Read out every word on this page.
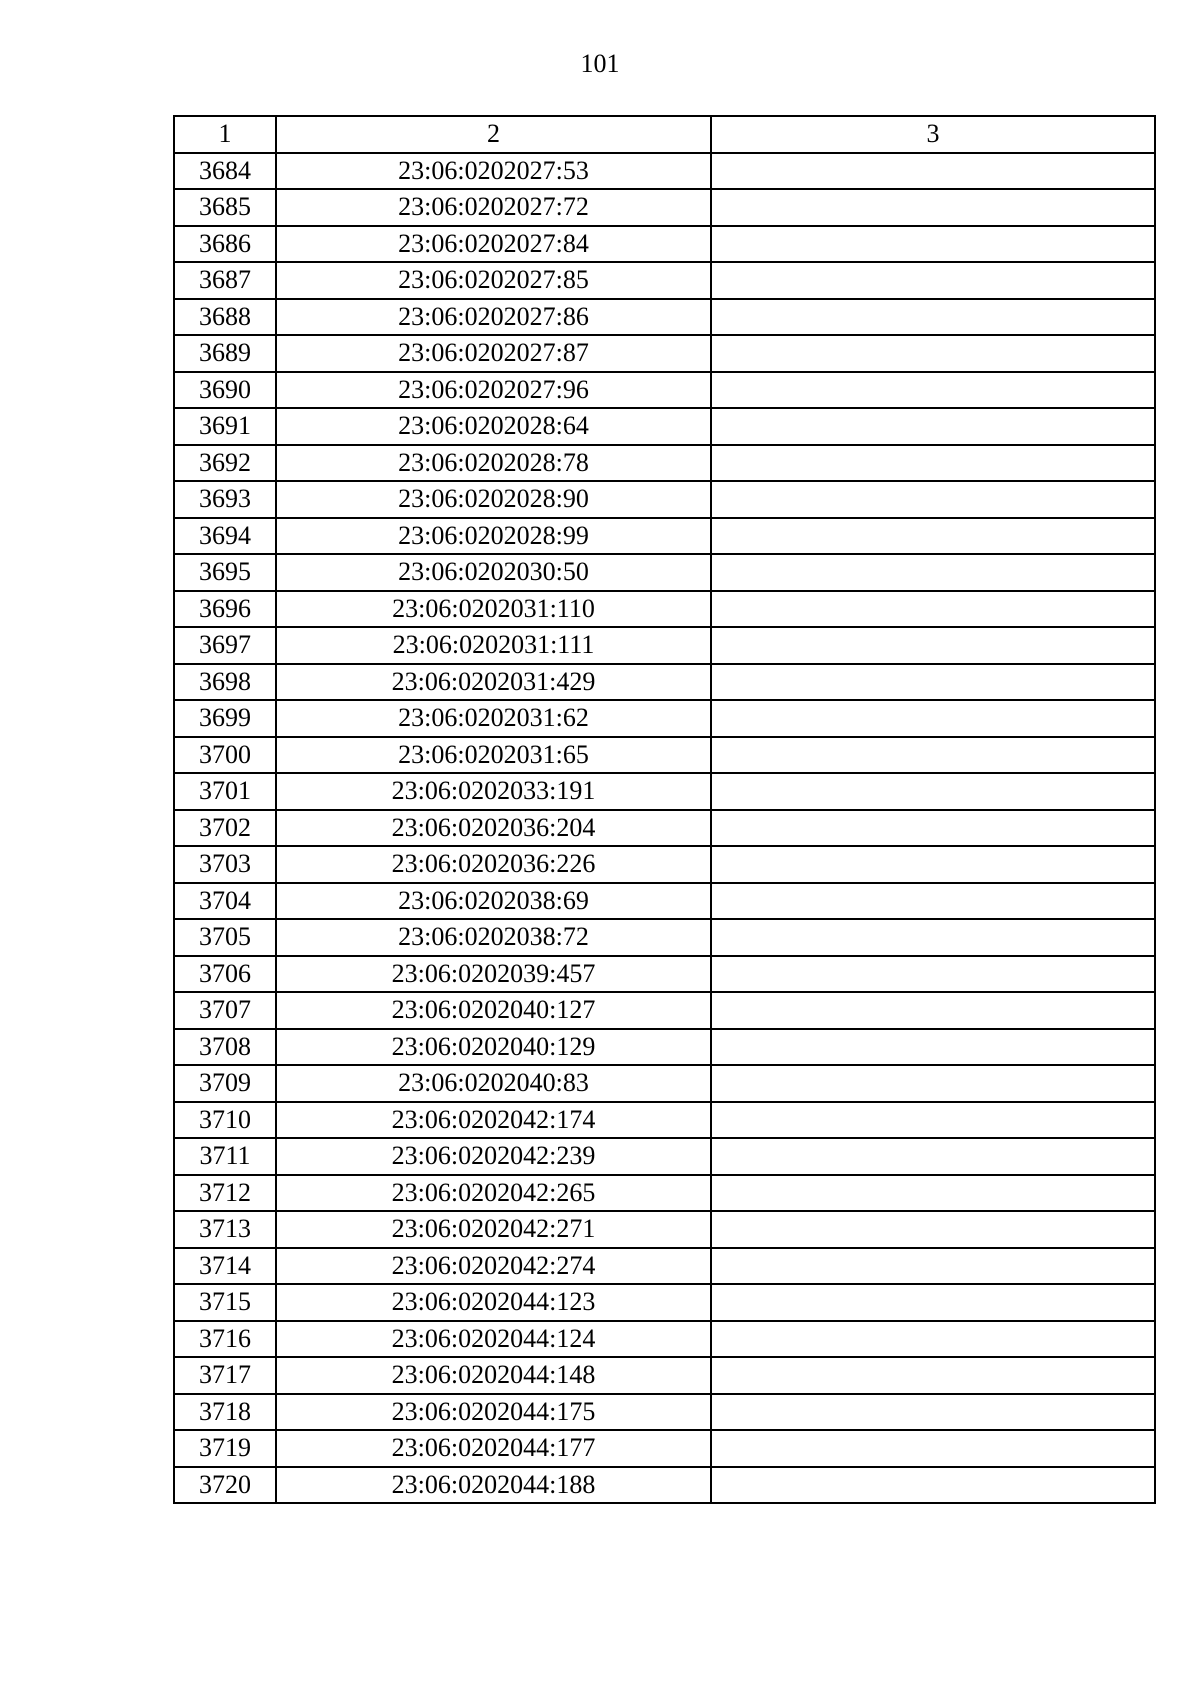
101
1	2	3
3684	23:06:0202027:53	
3685	23:06:0202027:72	
3686	23:06:0202027:84	
3687	23:06:0202027:85	
3688	23:06:0202027:86	
3689	23:06:0202027:87	
3690	23:06:0202027:96	
3691	23:06:0202028:64	
3692	23:06:0202028:78	
3693	23:06:0202028:90	
3694	23:06:0202028:99	
3695	23:06:0202030:50	
3696	23:06:0202031:110	
3697	23:06:0202031:111	
3698	23:06:0202031:429	
3699	23:06:0202031:62	
3700	23:06:0202031:65	
3701	23:06:0202033:191	
3702	23:06:0202036:204	
3703	23:06:0202036:226	
3704	23:06:0202038:69	
3705	23:06:0202038:72	
3706	23:06:0202039:457	
3707	23:06:0202040:127	
3708	23:06:0202040:129	
3709	23:06:0202040:83	
3710	23:06:0202042:174	
3711	23:06:0202042:239	
3712	23:06:0202042:265	
3713	23:06:0202042:271	
3714	23:06:0202042:274	
3715	23:06:0202044:123	
3716	23:06:0202044:124	
3717	23:06:0202044:148	
3718	23:06:0202044:175	
3719	23:06:0202044:177	
3720	23:06:0202044:188	
